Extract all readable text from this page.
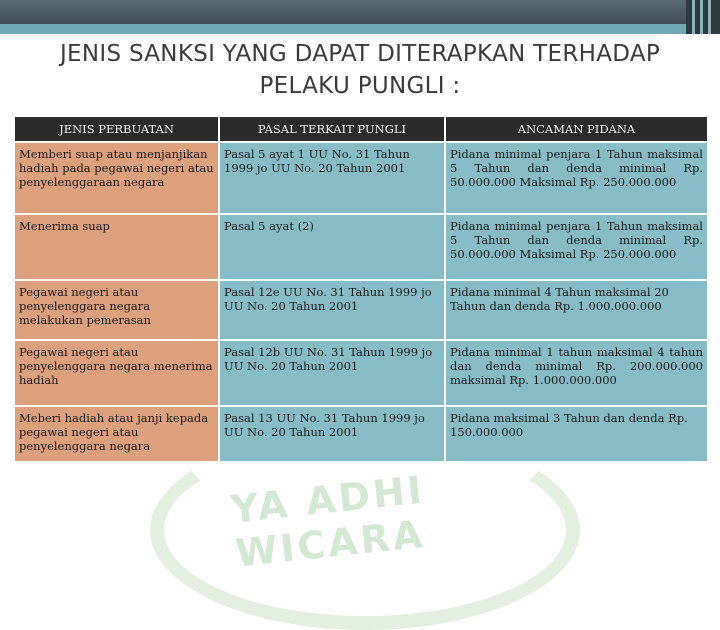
YA ADHI WICARA
JENIS SANKSI YANG DAPAT DITERAPKAN TERHADAP
PELAKU PUNGLI :
JENIS PERBUATAN	PASAL TERKAIT PUNGLI	ANCAMAN PIDANA
Memberi suap atau menjanjikan hadiah pada pegawai negeri atau penyelenggaraan negara	Pasal 5 ayat 1 UU No. 31 Tahun 1999 jo UU No. 20 Tahun 2001	Pidana minimal penjara 1 Tahun maksimal 5 Tahun dan denda minimal Rp. 50.000.000 Maksimal Rp. 250.000.000
Menerima suap	Pasal 5 ayat (2)	Pidana minimal penjara 1 Tahun maksimal 5 Tahun dan denda minimal Rp. 50.000.000 Maksimal Rp. 250.000.000
Pegawai negeri atau penyelenggara negara melakukan pemerasan	Pasal 12e UU No. 31 Tahun 1999 jo UU No. 20 Tahun 2001	Pidana minimal 4 Tahun maksimal 20 Tahun dan denda Rp. 1.000.000.000
Pegawai negeri atau penyelenggara negara menerima hadiah	Pasal 12b UU No. 31 Tahun 1999 jo UU No. 20 Tahun 2001	Pidana minimal 1 tahun maksimal 4 tahun dan denda minimal Rp. 200.000.000 maksimal Rp. 1.000.000.000
Meberi hadiah atau janji kepada pegawai negeri atau penyelenggara negara	Pasal 13 UU No. 31 Tahun 1999 jo UU No. 20 Tahun 2001	Pidana maksimal 3 Tahun dan denda Rp. 150.000.000
